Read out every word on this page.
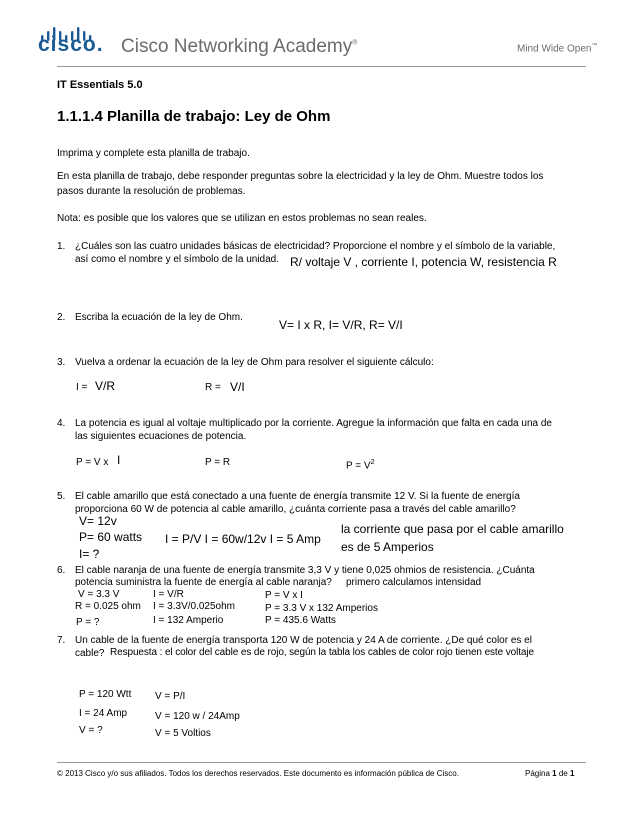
cisco. Cisco Networking Academy®
Mind Wide Open™
IT Essentials 5.0
1.1.1.4 Planilla de trabajo: Ley de Ohm
Imprima y complete esta planilla de trabajo.
En esta planilla de trabajo, debe responder preguntas sobre la electricidad y la ley de Ohm. Muestre todos los
pasos durante la resolución de problemas.
Nota: es posible que los valores que se utilizan en estos problemas no sean reales.
1. ¿Cuáles son las cuatro unidades básicas de electricidad? Proporcione el nombre y el símbolo de la variable,
así como el nombre y el símbolo de la unidad. R/ voltaje V , corriente I, potencia W, resistencia R
2. Escriba la ecuación de la ley de Ohm.
V= I x R, I= V/R, R= V/I
3. Vuelva a ordenar la ecuación de la ley de Ohm para resolver el siguiente cálculo:
I = V/R	R = V/I
4. La potencia es igual al voltaje multiplicado por la corriente. Agregue la información que falta en cada una de
las siguientes ecuaciones de potencia.
P = V x I	P = R	$P = V^2$
5. El cable amarillo que está conectado a una fuente de energía transmite 12 V. Si la fuente de energía
proporciona 60 W de potencia al cable amarillo, ¿cuánta corriente pasa a través del cable amarillo?
V= 12v
P= 60 watts
I= ?
I = P/V I = 60w/12v I = 5 Amp
la corriente que pasa por el cable amarillo
es de 5 Amperios
6. El cable naranja de una fuente de energía transmite 3,3 V y tiene 0,025 ohmios de resistencia. ¿Cuánta
potencia suministra la fuente de energía al cable naranja? primero calculamos intensidad
V = 3.3 V
R = 0.025 ohm
P = ?
I = V/R
I = 3.3V/0.025ohm
I = 132 Amperio
P = V x I
P = 3.3 V x 132 Amperios
P = 435.6 Watts
7. Un cable de la fuente de energía transporta 120 W de potencia y 24 A de corriente. ¿De qué color es el
cable? Respuesta : el color del cable es de rojo, según la tabla los cables de color rojo tienen este voltaje
P = 120 Wtt
I = 24 Amp
V = ?
V = P/I
V = 120 w / 24Amp
V = 5 Voltios
© 2013 Cisco y/o sus afiliados. Todos los derechos reservados. Este documento es información pública de Cisco.	Página 1 de 1
